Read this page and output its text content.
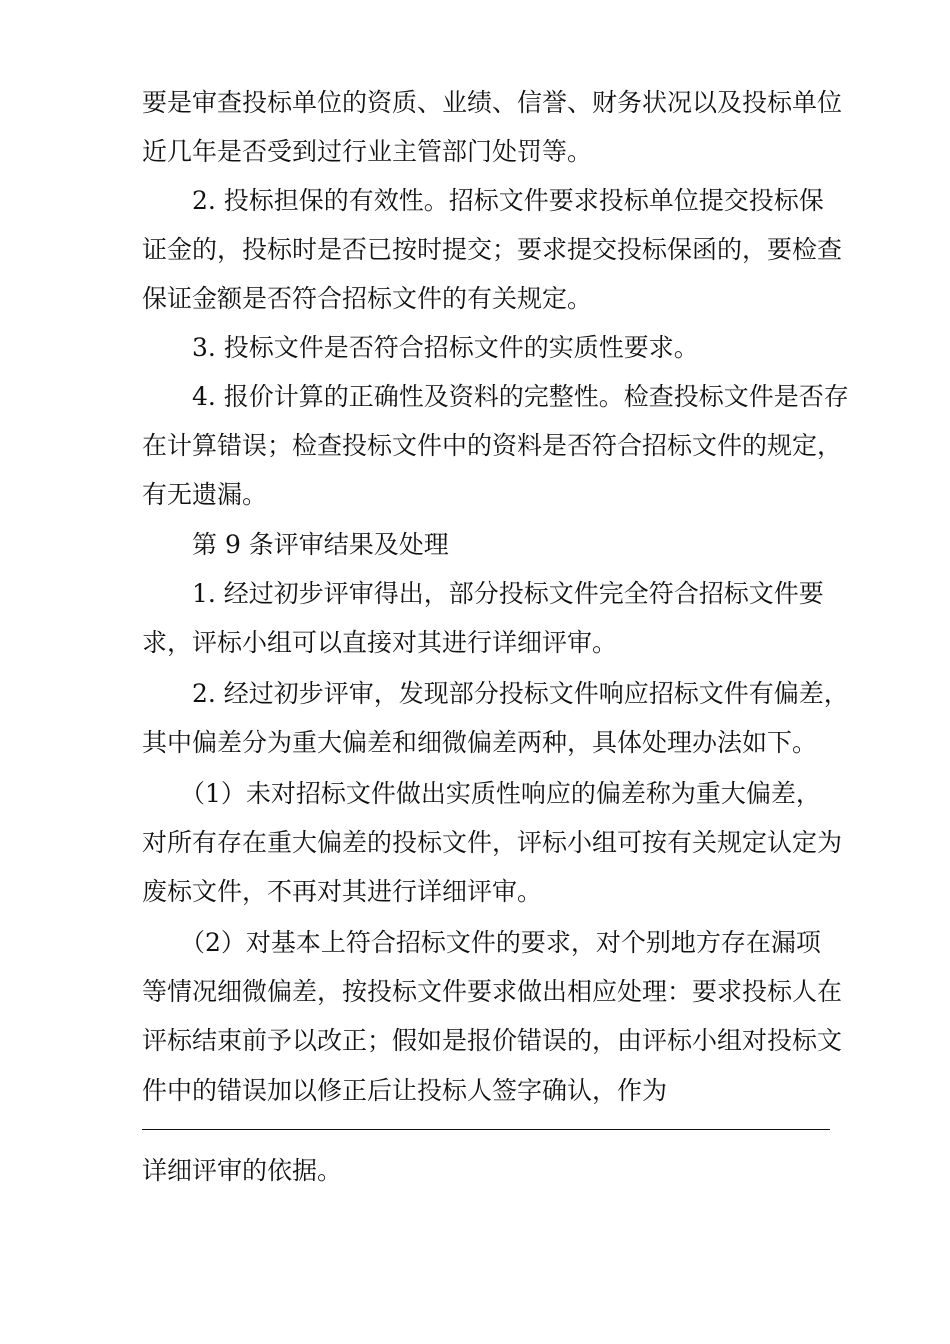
要是审查投标单位的资质、业绩、信誉、财务状况以及投标单位
近几年是否受到过行业主管部门处罚等。
2. 投标担保的有效性。招标文件要求投标单位提交投标保
证金的，投标时是否已按时提交；要求提交投标保函的，要检查
保证金额是否符合招标文件的有关规定。
3. 投标文件是否符合招标文件的实质性要求。
4. 报价计算的正确性及资料的完整性。检查投标文件是否存
在计算错误；检查投标文件中的资料是否符合招标文件的规定，
有无遗漏。
第 9 条评审结果及处理
1. 经过初步评审得出，部分投标文件完全符合招标文件要
求，评标小组可以直接对其进行详细评审。
2. 经过初步评审，发现部分投标文件响应招标文件有偏差，
其中偏差分为重大偏差和细微偏差两种，具体处理办法如下。
（1）未对招标文件做出实质性响应的偏差称为重大偏差，
对所有存在重大偏差的投标文件，评标小组可按有关规定认定为
废标文件，不再对其进行详细评审。
（2）对基本上符合招标文件的要求，对个别地方存在漏项
等情况细微偏差，按投标文件要求做出相应处理：要求投标人在
评标结束前予以改正；假如是报价错误的，由评标小组对投标文
件中的错误加以修正后让投标人签字确认，作为
详细评审的依据。
